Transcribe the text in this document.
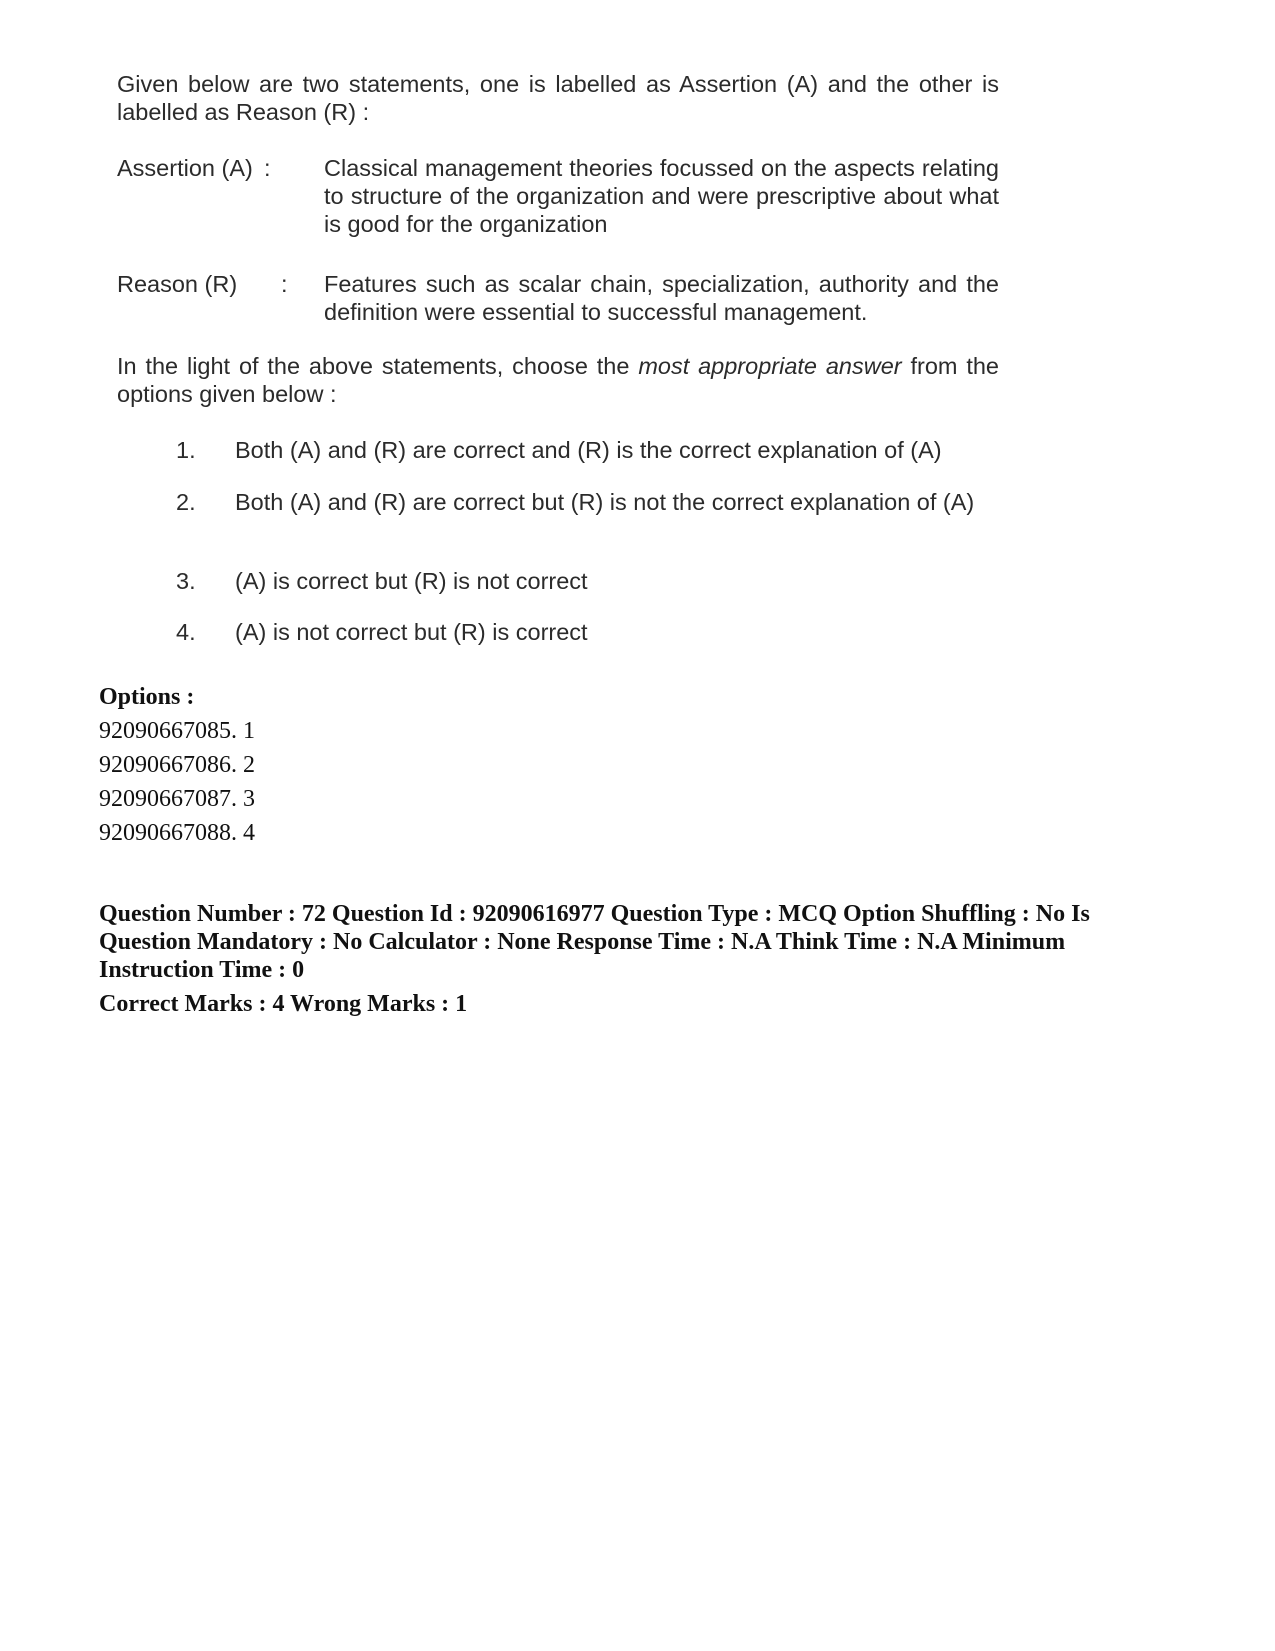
Given below are two statements, one is labelled as Assertion (A) and the other is labelled as Reason (R) :

Assertion (A) : Classical management theories focussed on the aspects relating to structure of the organization and were prescriptive about what is good for the organization

Reason (R) : Features such as scalar chain, specialization, authority and the definition were essential to successful management.

In the light of the above statements, choose the most appropriate answer from the options given below :

1. Both (A) and (R) are correct and (R) is the correct explanation of (A)

2. Both (A) and (R) are correct but (R) is not the correct explanation of (A)

3. (A) is correct but (R) is not correct

4. (A) is not correct but (R) is correct

Options :
92090667085. 1
92090667086. 2
92090667087. 3
92090667088. 4
Question Number : 72 Question Id : 92090616977 Question Type : MCQ Option Shuffling : No Is Question Mandatory : No Calculator : None Response Time : N.A Think Time : N.A Minimum Instruction Time : 0
Correct Marks : 4 Wrong Marks : 1
